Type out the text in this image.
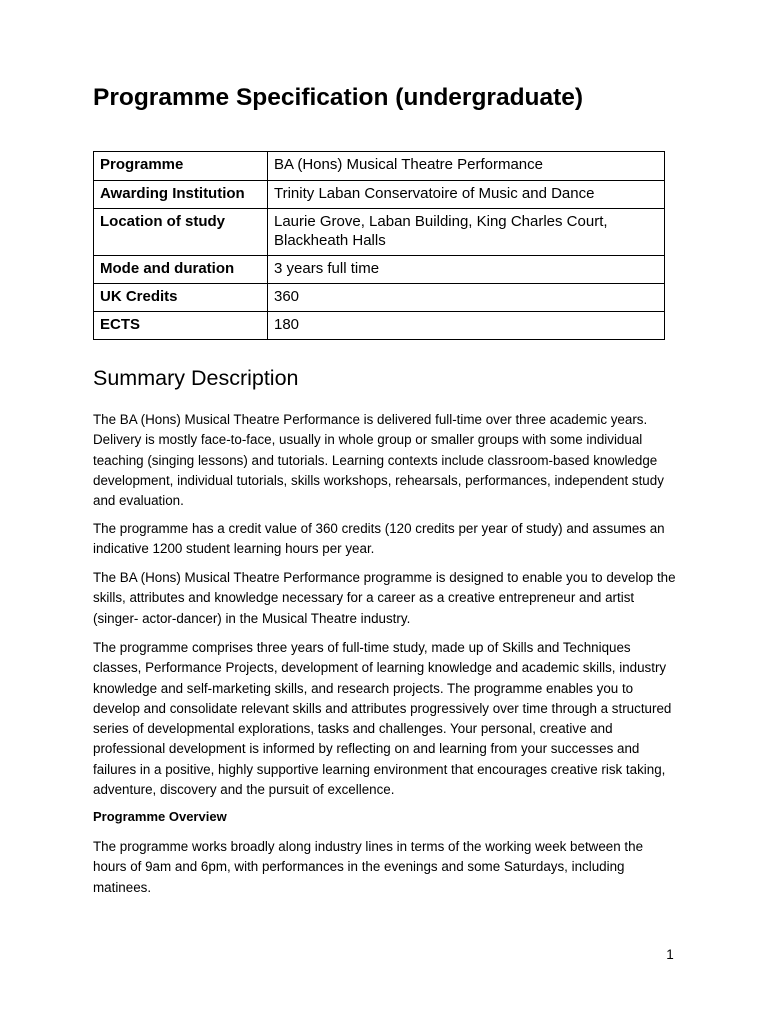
Programme Specification (undergraduate)
Programme	BA (Hons) Musical Theatre Performance
Awarding Institution	Trinity Laban Conservatoire of Music and Dance
Location of study	Laurie Grove, Laban Building, King Charles Court, Blackheath Halls
Mode and duration	3 years full time
UK Credits	360
ECTS	180
Summary Description

The BA (Hons) Musical Theatre Performance is delivered full-time over three academic years. Delivery is mostly face-to-face, usually in whole group or smaller groups with some individual teaching (singing lessons) and tutorials. Learning contexts include classroom-based knowledge development, individual tutorials, skills workshops, rehearsals, performances, independent study and evaluation.

The programme has a credit value of 360 credits (120 credits per year of study) and assumes an indicative 1200 student learning hours per year.

The BA (Hons) Musical Theatre Performance programme is designed to enable you to develop the skills, attributes and knowledge necessary for a career as a creative entrepreneur and artist (singer- actor-dancer) in the Musical Theatre industry.

The programme comprises three years of full-time study, made up of Skills and Techniques classes, Performance Projects, development of learning knowledge and academic skills, industry knowledge and self-marketing skills, and research projects. The programme enables you to develop and consolidate relevant skills and attributes progressively over time through a structured series of developmental explorations, tasks and challenges. Your personal, creative and professional development is informed by reflecting on and learning from your successes and failures in a positive, highly supportive learning environment that encourages creative risk taking, adventure, discovery and the pursuit of excellence.

Programme Overview

The programme works broadly along industry lines in terms of the working week between the hours of 9am and 6pm, with performances in the evenings and some Saturdays, including matinees.

1
